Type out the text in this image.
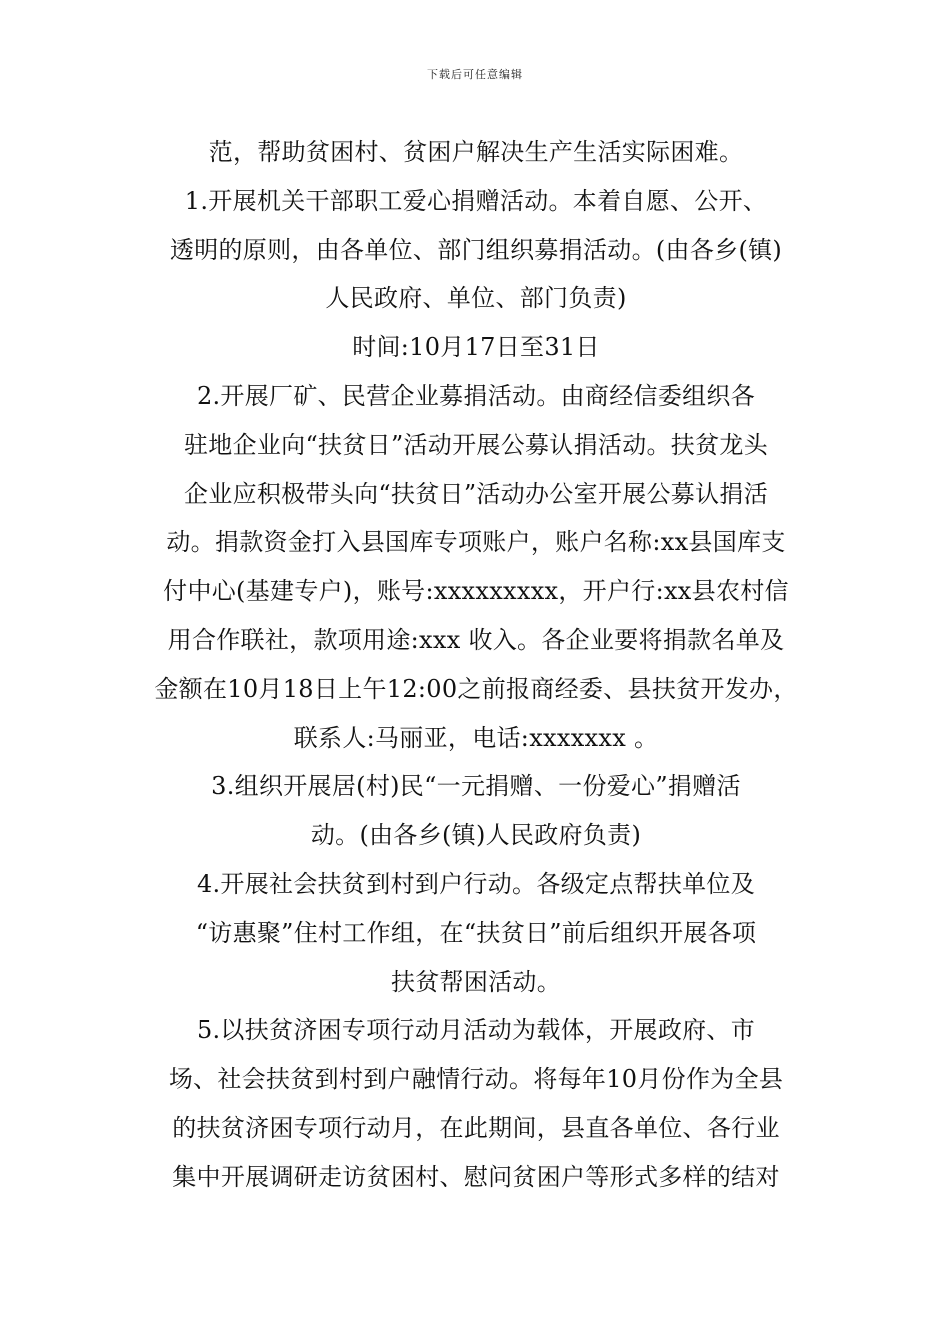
下载后可任意编辑
范，帮助贫困村、贫困户解决生产生活实际困难。
1.开展机关干部职工爱心捐赠活动。本着自愿、公开、
透明的原则，由各单位、部门组织募捐活动。(由各乡(镇)
人民政府、单位、部门负责)
时间:10月17日至31日
2.开展厂矿、民营企业募捐活动。由商经信委组织各
驻地企业向“扶贫日”活动开展公募认捐活动。扶贫龙头
企业应积极带头向“扶贫日”活动办公室开展公募认捐活
动。捐款资金打入县国库专项账户，账户名称:xx县国库支
付中心(基建专户)，账号:xxxxxxxxx，开户行:xx县农村信
用合作联社，款项用途:xxx 收入。各企业要将捐款名单及
金额在10月18日上午12:00之前报商经委、县扶贫开发办，
联系人:马丽亚，电话:xxxxxxx 。
3.组织开展居(村)民“一元捐赠、一份爱心”捐赠活
动。(由各乡(镇)人民政府负责)
4.开展社会扶贫到村到户行动。各级定点帮扶单位及
“访惠聚”住村工作组，在“扶贫日”前后组织开展各项
扶贫帮困活动。
5.以扶贫济困专项行动月活动为载体，开展政府、市
场、社会扶贫到村到户融情行动。将每年10月份作为全县
的扶贫济困专项行动月，在此期间，县直各单位、各行业
集中开展调研走访贫困村、慰问贫困户等形式多样的结对
